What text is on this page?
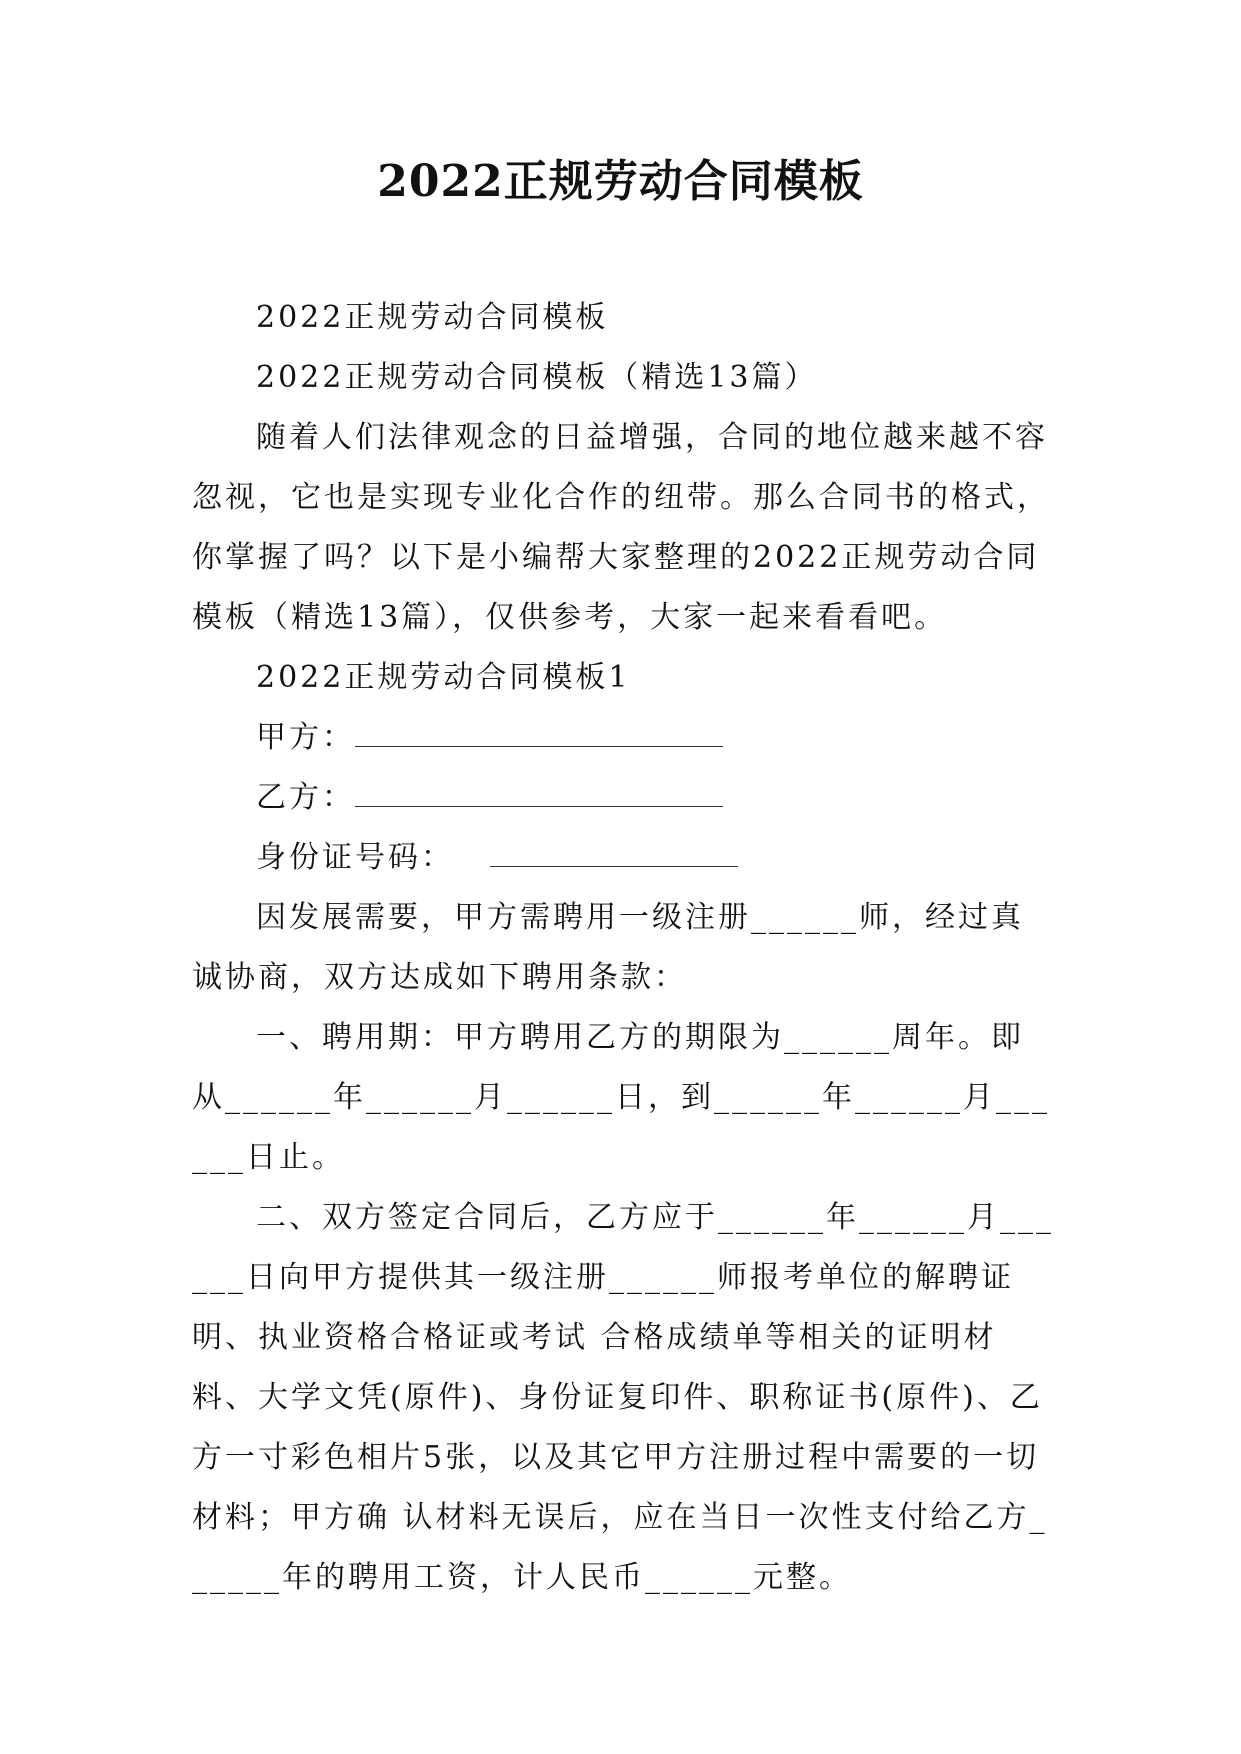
2022正规劳动合同模板

2022正规劳动合同模板

2022正规劳动合同模板（精选13篇）

随着人们法律观念的日益增强，合同的地位越来越不容忽视，它也是实现专业化合作的纽带。那么合同书的格式，你掌握了吗？以下是小编帮大家整理的2022正规劳动合同模板（精选13篇），仅供参考，大家一起来看看吧。

2022正规劳动合同模板1

甲方：

乙方：

身份证号码：

因发展需要，甲方需聘用一级注册______师，经过真诚协商，双方达成如下聘用条款：

一、聘用期：甲方聘用乙方的期限为______周年。即从______年______月______日，到______年______月______日止。

二、双方签定合同后，乙方应于______年______月______日向甲方提供其一级注册______师报考单位的解聘证明、执业资格合格证或考试 合格成绩单等相关的证明材料、大学文凭(原件)、身份证复印件、职称证书(原件)、乙方一寸彩色相片5张，以及其它甲方注册过程中需要的一切材料；甲方确 认材料无误后，应在当日一次性支付给乙方______年的聘用工资，计人民币______元整。
